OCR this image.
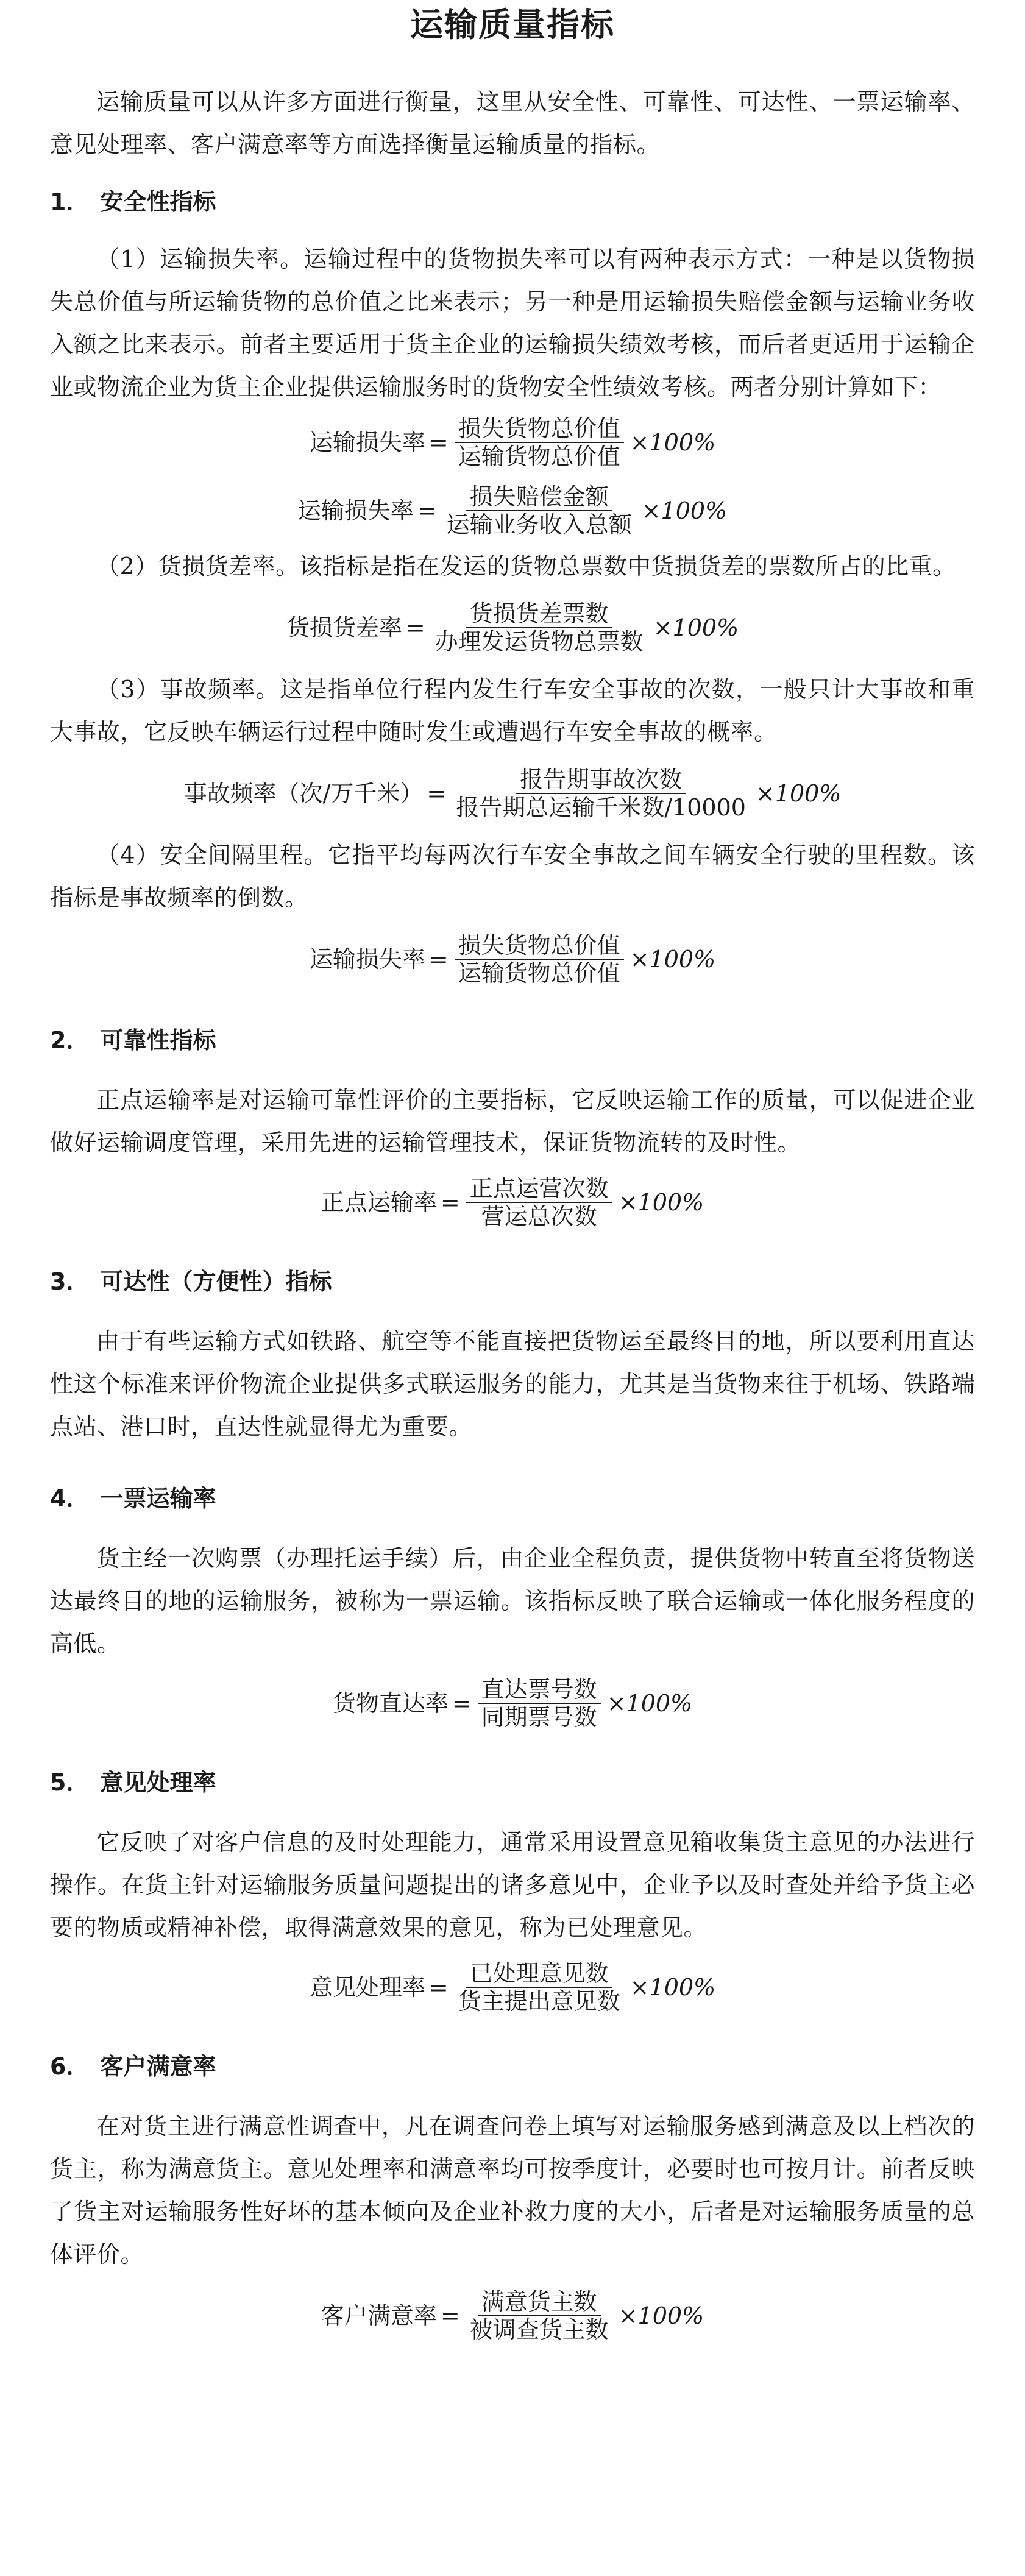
运输质量指标

运输质量可以从许多方面进行衡量，这里从安全性、可靠性、可达性、一票运输率、意见处理率、客户满意率等方面选择衡量运输质量的指标。

1． 安全性指标

（1）运输损失率。运输过程中的货物损失率可以有两种表示方式：一种是以货物损失总价值与所运输货物的总价值之比来表示；另一种是用运输损失赔偿金额与运输业务收入额之比来表示。前者主要适用于货主企业的运输损失绩效考核，而后者更适用于运输企业或物流企业为货主企业提供运输服务时的货物安全性绩效考核。两者分别计算如下：

运输损失率 = $\frac{\text{损失货物总价值}}{\text{运输货物总价值}} \times 100\%$
运输损失率 = $\frac{\text{损失赔偿金额}}{\text{运输业务收入总额}} \times 100\%$

（2）货损货差率。该指标是指在发运的货物总票数中货损货差的票数所占的比重。

货损货差率 = $\frac{\text{货损货差票数}}{\text{办理发运货物总票数}} \times 100\%$

（3）事故频率。这是指单位行程内发生行车安全事故的次数，一般只计大事故和重大事故，它反映车辆运行过程中随时发生或遭遇行车安全事故的概率。

事故频率（次/万千米） = $\frac{\text{报告期事故次数}}{\text{报告期总运输千米数/10000}} \times 100\%$

（4）安全间隔里程。它指平均每两次行车安全事故之间车辆安全行驶的里程数。该指标是事故频率的倒数。

运输损失率 = $\frac{\text{损失货物总价值}}{\text{运输货物总价值}} \times 100\%$
2． 可靠性指标

正点运输率是对运输可靠性评价的主要指标，它反映运输工作的质量，可以促进企业做好运输调度管理，采用先进的运输管理技术，保证货物流转的及时性。

正点运输率 = $\frac{\text{正点运营次数}}{\text{营运总次数}} \times 100\%$
3． 可达性（方便性）指标

由于有些运输方式如铁路、航空等不能直接把货物运至最终目的地，所以要利用直达性这个标准来评价物流企业提供多式联运服务的能力，尤其是当货物来往于机场、铁路端点站、港口时，直达性就显得尤为重要。

4． 一票运输率

货主经一次购票（办理托运手续）后，由企业全程负责，提供货物中转直至将货物送达最终目的地的运输服务，被称为一票运输。该指标反映了联合运输或一体化服务程度的高低。

货物直达率 = $\frac{\text{直达票号数}}{\text{同期票号数}} \times 100\%$
5． 意见处理率

它反映了对客户信息的及时处理能力，通常采用设置意见箱收集货主意见的办法进行操作。在货主针对运输服务质量问题提出的诸多意见中，企业予以及时查处并给予货主必要的物质或精神补偿，取得满意效果的意见，称为已处理意见。

意见处理率 = $\frac{\text{已处理意见数}}{\text{货主提出意见数}} \times 100\%$
6． 客户满意率

在对货主进行满意性调查中，凡在调查问卷上填写对运输服务感到满意及以上档次的货主，称为满意货主。意见处理率和满意率均可按季度计，必要时也可按月计。前者反映了货主对运输服务性好坏的基本倾向及企业补救力度的大小，后者是对运输服务质量的总体评价。

客户满意率 = $\frac{\text{满意货主数}}{\text{被调查货主数}} \times 100\%$
